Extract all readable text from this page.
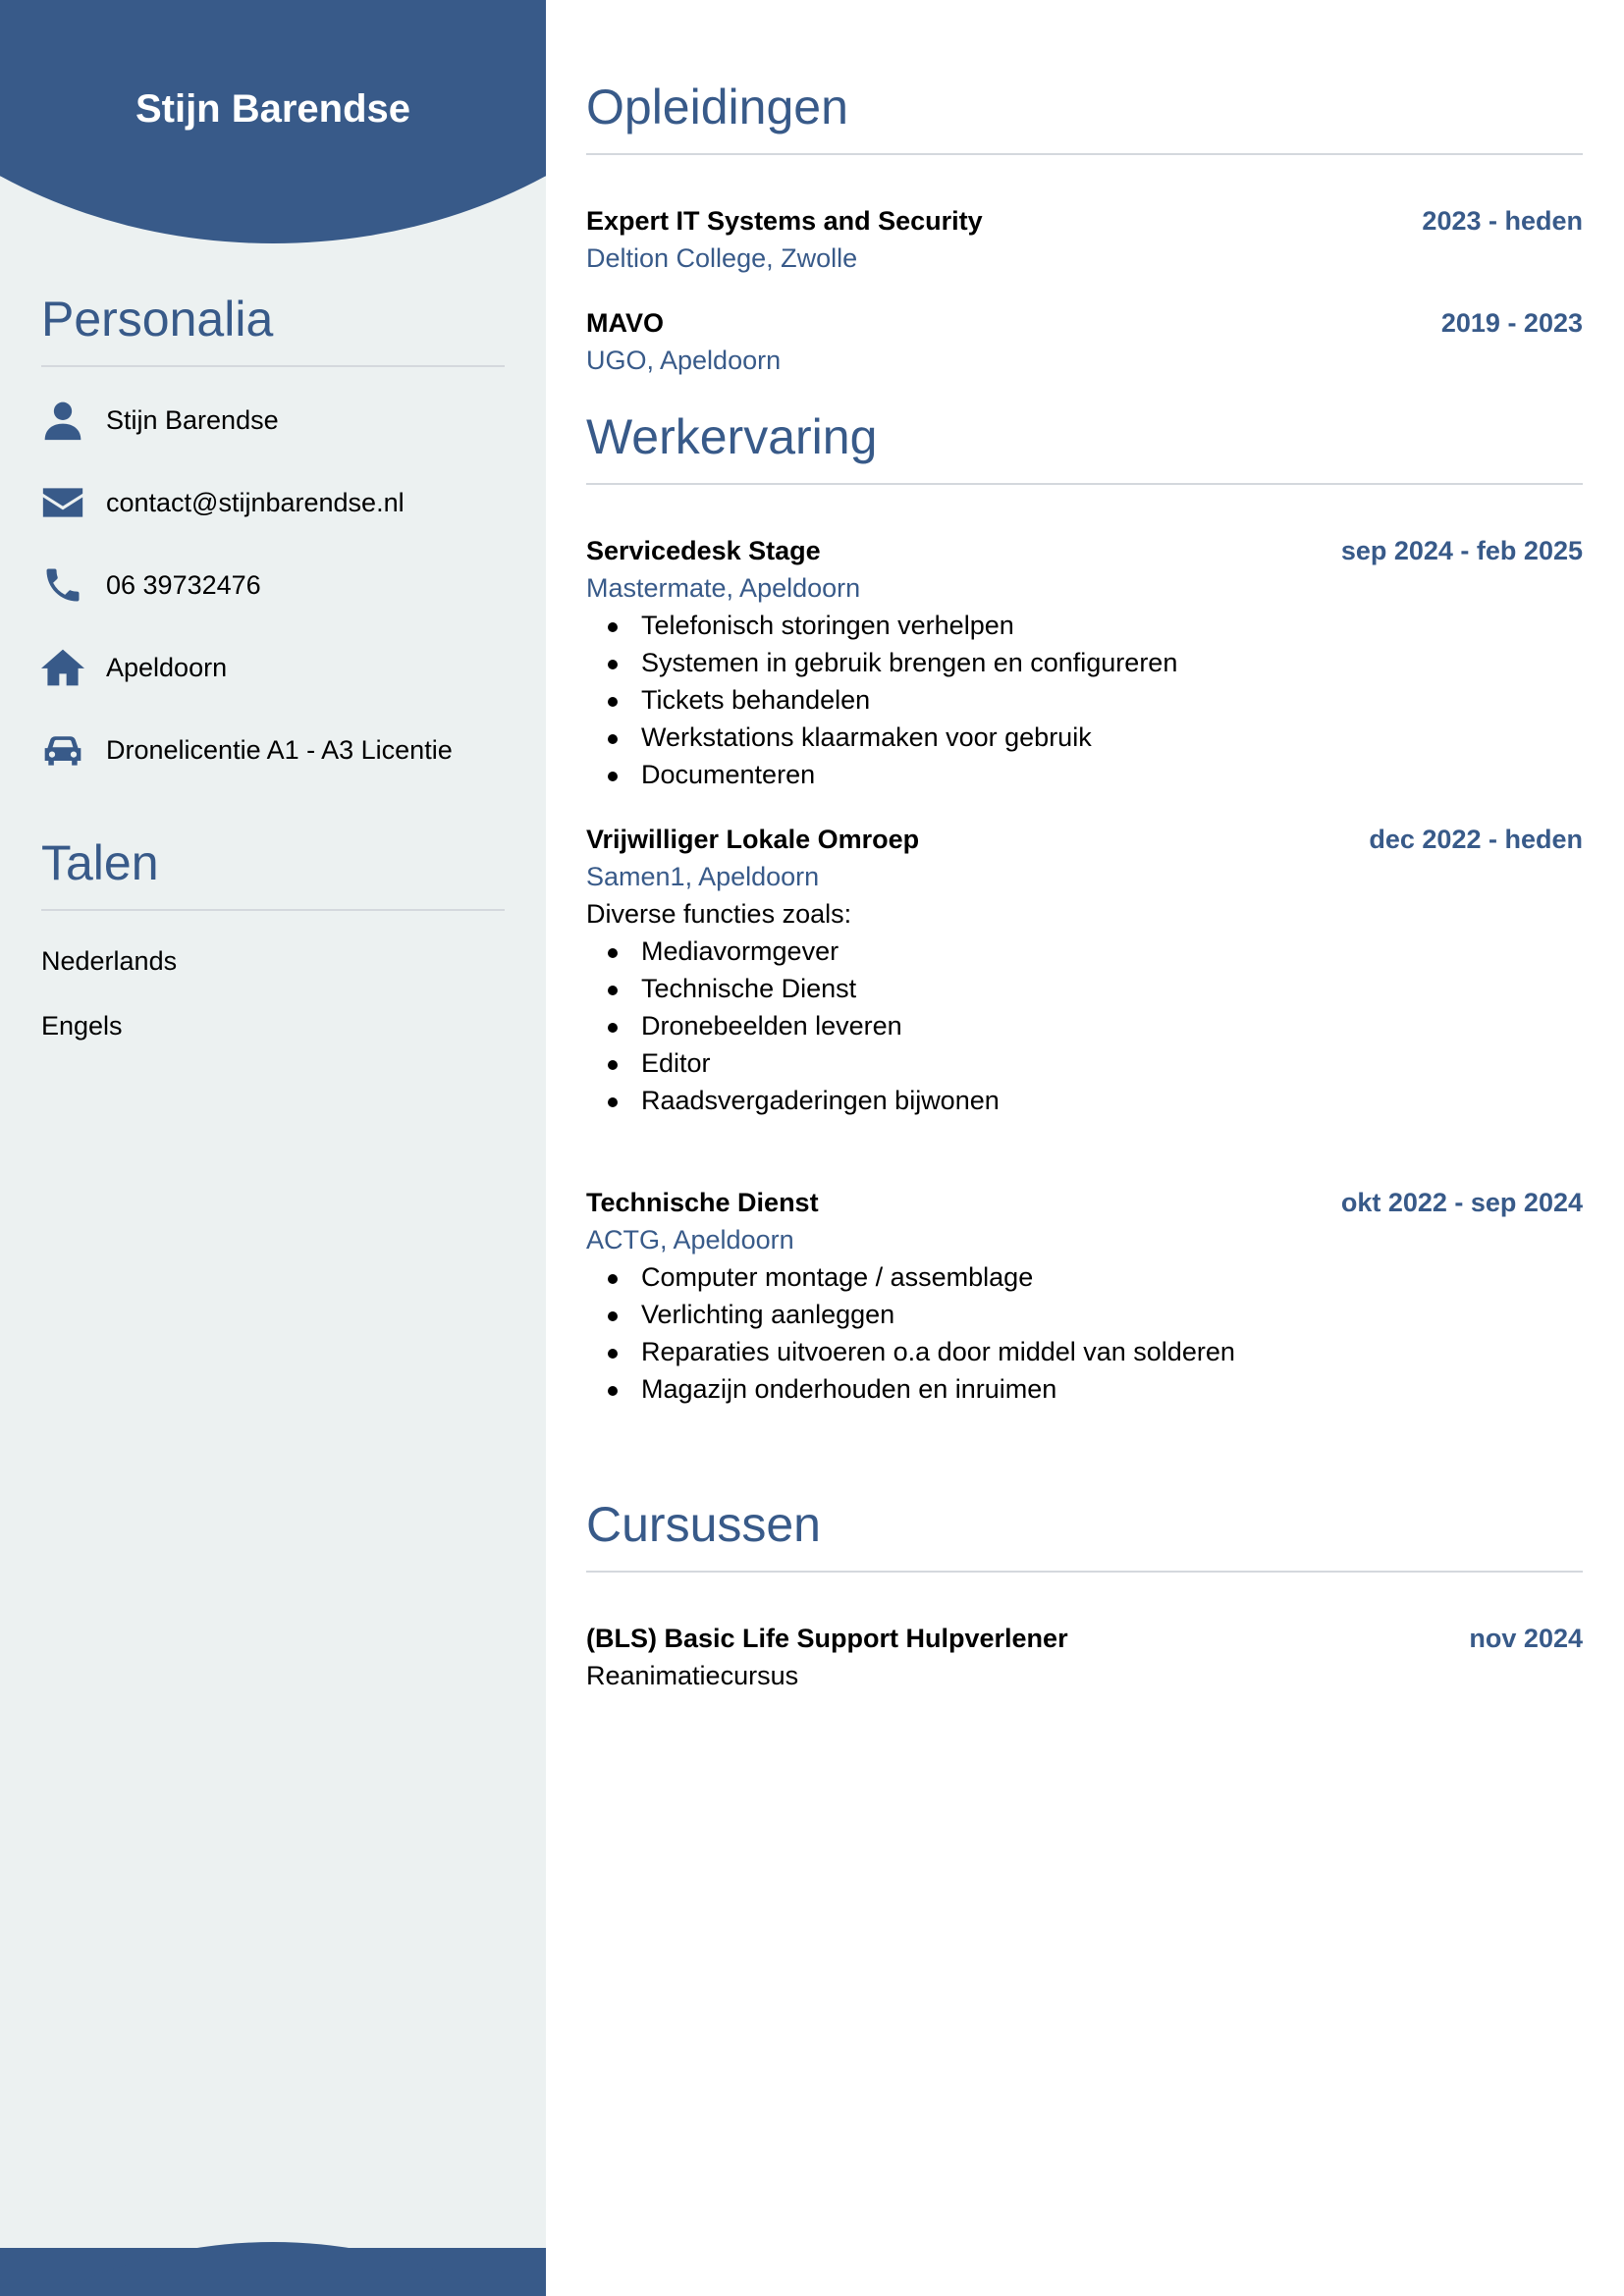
Stijn Barendse
Personalia
Stijn Barendse
contact@stijnbarendse.nl
06 39732476
Apeldoorn
Dronelicentie A1 - A3 Licentie
Talen
Nederlands
Engels
Opleidingen
Expert IT Systems and Security	2023 - heden
Deltion College, Zwolle
MAVO	2019 - 2023
UGO, Apeldoorn
Werkervaring
Servicedesk Stage	sep 2024 - feb 2025
Mastermate, Apeldoorn
Telefonisch storingen verhelpen
Systemen in gebruik brengen en configureren
Tickets behandelen
Werkstations klaarmaken voor gebruik
Documenteren
Vrijwilliger Lokale Omroep	dec 2022 - heden
Samen1, Apeldoorn
Diverse functies zoals:
Mediavormgever
Technische Dienst
Dronebeelden leveren
Editor
Raadsvergaderingen bijwonen
Technische Dienst	okt 2022 - sep 2024
ACTG, Apeldoorn
Computer montage / assemblage
Verlichting aanleggen
Reparaties uitvoeren o.a door middel van solderen
Magazijn onderhouden en inruimen
Cursussen
(BLS) Basic Life Support Hulpverlener	nov 2024
Reanimatiecursus
